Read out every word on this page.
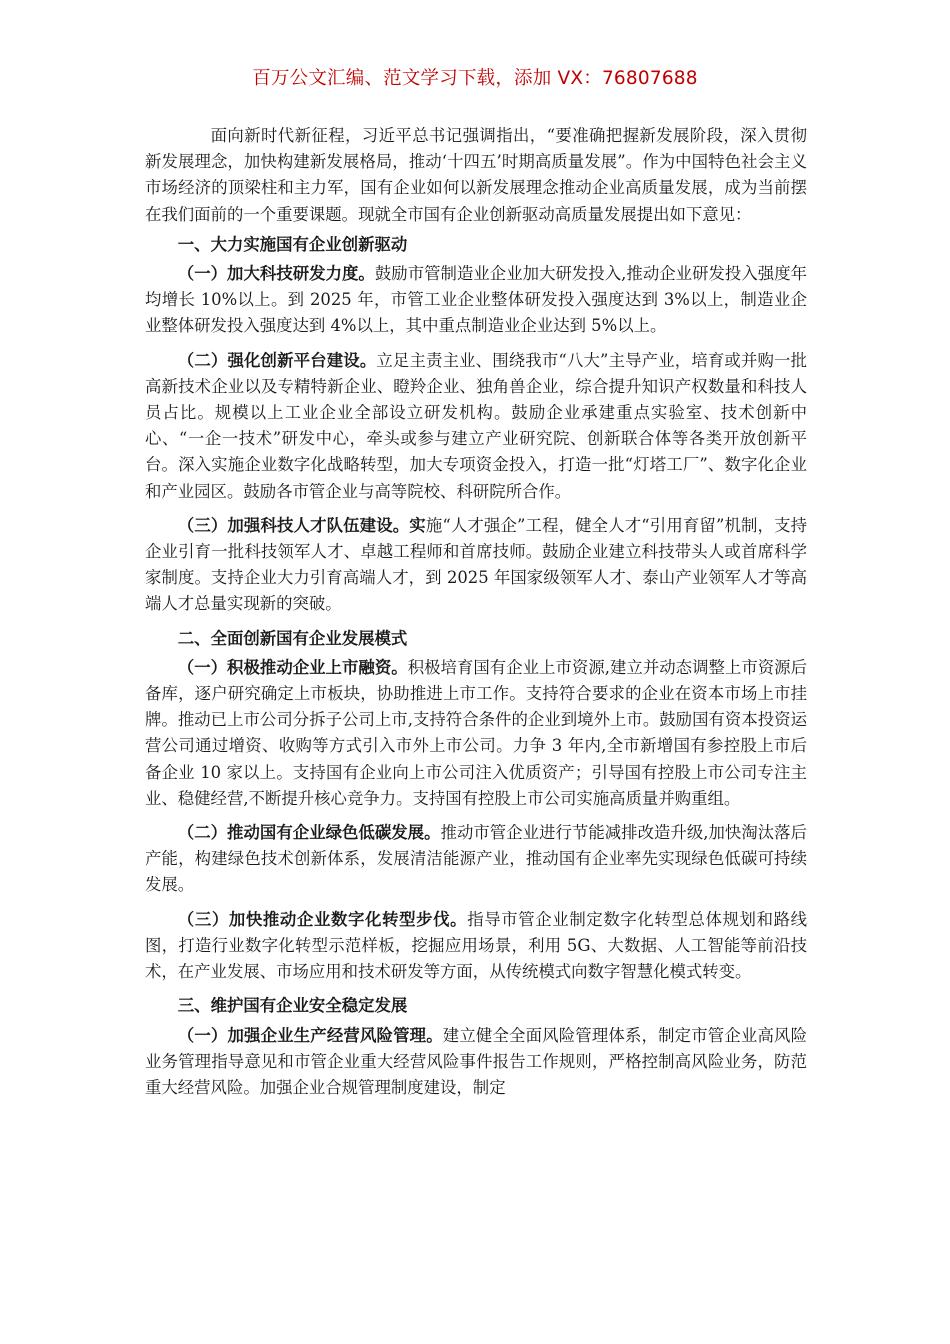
百万公文汇编、范文学习下载，添加 VX：76807688

面向新时代新征程，习近平总书记强调指出，“要准确把握新发展阶段，深入贯彻新发展理念，加快构建新发展格局，推动‘十四五’时期高质量发展”。作为中国特色社会主义市场经济的顶梁柱和主力军，国有企业如何以新发展理念推动企业高质量发展，成为当前摆在我们面前的一个重要课题。现就全市国有企业创新驱动高质量发展提出如下意见：

一、大力实施国有企业创新驱动

（一）加大科技研发力度。鼓励市管制造业企业加大研发投入,推动企业研发投入强度年均增长 10%以上。到 2025 年，市管工业企业整体研发投入强度达到 3%以上，制造业企业整体研发投入强度达到 4%以上，其中重点制造业企业达到 5%以上。

（二）强化创新平台建设。立足主责主业、围绕我市“八大”主导产业，培育或并购一批高新技术企业以及专精特新企业、瞪羚企业、独角兽企业，综合提升知识产权数量和科技人员占比。规模以上工业企业全部设立研发机构。鼓励企业承建重点实验室、技术创新中心、“一企一技术”研发中心，牵头或参与建立产业研究院、创新联合体等各类开放创新平台。深入实施企业数字化战略转型，加大专项资金投入，打造一批“灯塔工厂”、数字化企业和产业园区。鼓励各市管企业与高等院校、科研院所合作。

（三）加强科技人才队伍建设。实施“人才强企”工程，健全人才“引用育留”机制，支持企业引育一批科技领军人才、卓越工程师和首席技师。鼓励企业建立科技带头人或首席科学家制度。支持企业大力引育高端人才，到 2025 年国家级领军人才、泰山产业领军人才等高端人才总量实现新的突破。

二、全面创新国有企业发展模式

（一）积极推动企业上市融资。积极培育国有企业上市资源,建立并动态调整上市资源后备库，逐户研究确定上市板块，协助推进上市工作。支持符合要求的企业在资本市场上市挂牌。推动已上市公司分拆子公司上市,支持符合条件的企业到境外上市。鼓励国有资本投资运营公司通过增资、收购等方式引入市外上市公司。力争 3 年内,全市新增国有参控股上市后备企业 10 家以上。支持国有企业向上市公司注入优质资产；引导国有控股上市公司专注主业、稳健经营,不断提升核心竞争力。支持国有控股上市公司实施高质量并购重组。

（二）推动国有企业绿色低碳发展。推动市管企业进行节能减排改造升级,加快淘汰落后产能，构建绿色技术创新体系，发展清洁能源产业，推动国有企业率先实现绿色低碳可持续发展。

（三）加快推动企业数字化转型步伐。指导市管企业制定数字化转型总体规划和路线图，打造行业数字化转型示范样板，挖掘应用场景，利用 5G、大数据、人工智能等前沿技术，在产业发展、市场应用和技术研发等方面，从传统模式向数字智慧化模式转变。

三、维护国有企业安全稳定发展

（一）加强企业生产经营风险管理。建立健全全面风险管理体系，制定市管企业高风险业务管理指导意见和市管企业重大经营风险事件报告工作规则，严格控制高风险业务，防范重大经营风险。加强企业合规管理制度建设，制定
